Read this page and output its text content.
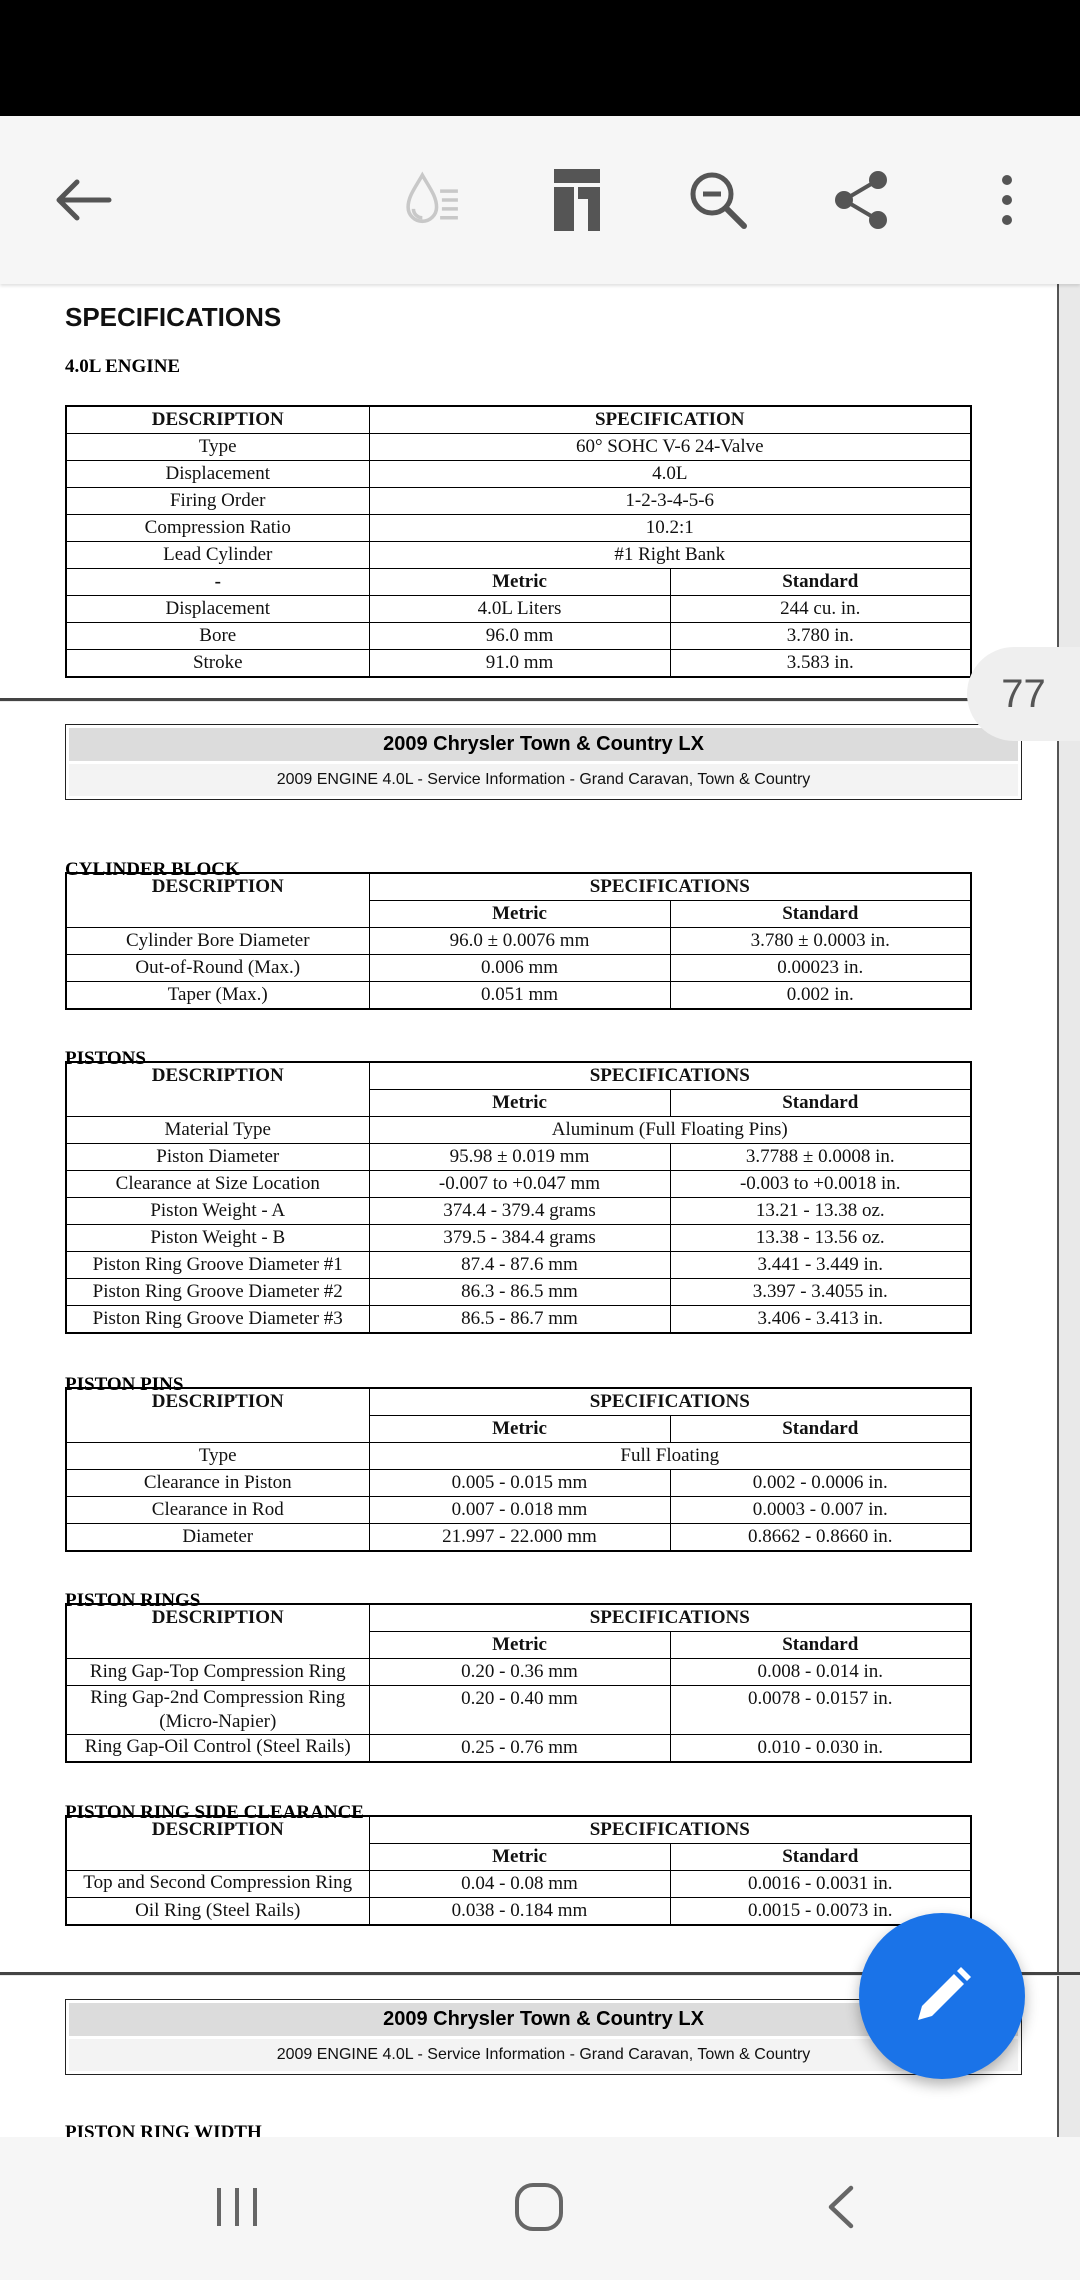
SPECIFICATIONS
4.0L ENGINE
DESCRIPTION	SPECIFICATION	
Type	60° SOHC V-6 24-Valve	
Displacement	4.0L	
Firing Order	1-2-3-4-5-6	
Compression Ratio	10.2:1	
Lead Cylinder	#1 Right Bank	
-	Metric	Standard
Displacement	4.0L Liters	244 cu. in.
Bore	96.0 mm	3.780 in.
Stroke	91.0 mm	3.583 in.
2009 Chrysler Town & Country LX
2009 ENGINE 4.0L - Service Information - Grand Caravan, Town & Country
CYLINDER BLOCK
DESCRIPTION	SPECIFICATIONS	
	Metric	Standard
Cylinder Bore Diameter	96.0 ± 0.0076 mm	3.780 ± 0.0003 in.
Out-of-Round (Max.)	0.006 mm	0.00023 in.
Taper (Max.)	0.051 mm	0.002 in.
PISTONS
DESCRIPTION	SPECIFICATIONS	
	Metric	Standard
Material Type	Aluminum (Full Floating Pins)	
Piston Diameter	95.98 ± 0.019 mm	3.7788 ± 0.0008 in.
Clearance at Size Location	-0.007 to +0.047 mm	-0.003 to +0.0018 in.
Piston Weight - A	374.4 - 379.4 grams	13.21 - 13.38 oz.
Piston Weight - B	379.5 - 384.4 grams	13.38 - 13.56 oz.
Piston Ring Groove Diameter #1	87.4 - 87.6 mm	3.441 - 3.449 in.
Piston Ring Groove Diameter #2	86.3 - 86.5 mm	3.397 - 3.4055 in.
Piston Ring Groove Diameter #3	86.5 - 86.7 mm	3.406 - 3.413 in.
PISTON PINS
DESCRIPTION	SPECIFICATIONS	
	Metric	Standard
Type	Full Floating	
Clearance in Piston	0.005 - 0.015 mm	0.002 - 0.0006 in.
Clearance in Rod	0.007 - 0.018 mm	0.0003 - 0.007 in.
Diameter	21.997 - 22.000 mm	0.8662 - 0.8660 in.
PISTON RINGS
DESCRIPTION	SPECIFICATIONS	
	Metric	Standard
Ring Gap-Top Compression Ring	0.20 - 0.36 mm	0.008 - 0.014 in.
Ring Gap-2nd Compression Ring (Micro-Napier)	0.20 - 0.40 mm	0.0078 - 0.0157 in.
Ring Gap-Oil Control (Steel Rails)	0.25 - 0.76 mm	0.010 - 0.030 in.
PISTON RING SIDE CLEARANCE
DESCRIPTION	SPECIFICATIONS	
	Metric	Standard
Top and Second Compression Ring	0.04 - 0.08 mm	0.0016 - 0.0031 in.
Oil Ring (Steel Rails)	0.038 - 0.184 mm	0.0015 - 0.0073 in.
2009 Chrysler Town & Country LX
2009 ENGINE 4.0L - Service Information - Grand Caravan, Town & Country
PISTON RING WIDTH
77
